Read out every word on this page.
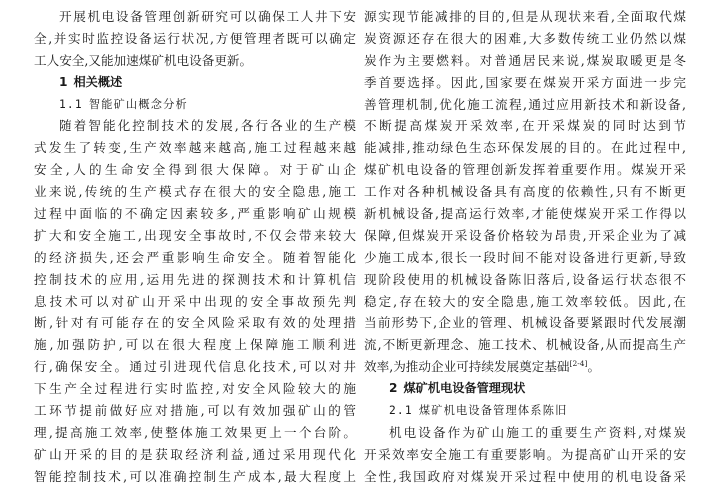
开展机电设备管理创新研究可以确保工人井下安
全,并实时监控设备运行状况,方便管理者既可以确定
工人安全,又能加速煤矿机电设备更新。
1 相关概述
1.1 智能矿山概念分析
随着智能化控制技术的发展,各行各业的生产模
式发生了转变,生产效率越来越高,施工过程越来越
安全,人的生命安全得到很大保障。对于矿山企
业来说,传统的生产模式存在很大的安全隐患,施工
过程中面临的不确定因素较多,严重影响矿山规模
扩大和安全施工,出现安全事故时,不仅会带来较大
的经济损失,还会严重影响生命安全。随着智能化
控制技术的应用,运用先进的探测技术和计算机信
息技术可以对矿山开采中出现的安全事故预先判
断,针对有可能存在的安全风险采取有效的处理措
施,加强防护,可以在很大程度上保障施工顺利进
行,确保安全。通过引进现代信息化技术,可以对井
下生产全过程进行实时监控,对安全风险较大的施
工环节提前做好应对措施,可以有效加强矿山的管
理,提高施工效率,使整体施工效果更上一个台阶。
矿山开采的目的是获取经济利益,通过采用现代化
智能控制技术,可以准确控制生产成本,最大程度上
源实现节能减排的目的,但是从现状来看,全面取代煤
炭资源还存在很大的困难,大多数传统工业仍然以煤
炭作为主要燃料。对普通居民来说,煤炭取暖更是冬
季首要选择。因此,国家要在煤炭开采方面进一步完
善管理机制,优化施工流程,通过应用新技术和新设备,
不断提高煤炭开采效率,在开采煤炭的同时达到节
能减排,推动绿色生态环保发展的目的。在此过程中,
煤矿机电设备的管理创新发挥着重要作用。煤炭开采
工作对各种机械设备具有高度的依赖性,只有不断更
新机械设备,提高运行效率,才能使煤炭开采工作得以
保障,但煤炭开采设备价格较为昂贵,开采企业为了减
少施工成本,很长一段时间不能对设备进行更新,导致
现阶段使用的机械设备陈旧落后,设备运行状态很不
稳定,存在较大的安全隐患,施工效率较低。因此,在
当前形势下,企业的管理、机械设备要紧跟时代发展潮
流,不断更新理念、施工技术、机械设备,从而提高生产
效率,为推动企业可持续发展奠定基础[2-4]。
2 煤矿机电设备管理现状
2.1 煤矿机电设备管理体系陈旧
机电设备作为矿山施工的重要生产资料,对煤炭
开采效率安全施工有重要影响。为提高矿山开采的安
全性,我国政府对煤炭开采过程中使用的机电设备采
